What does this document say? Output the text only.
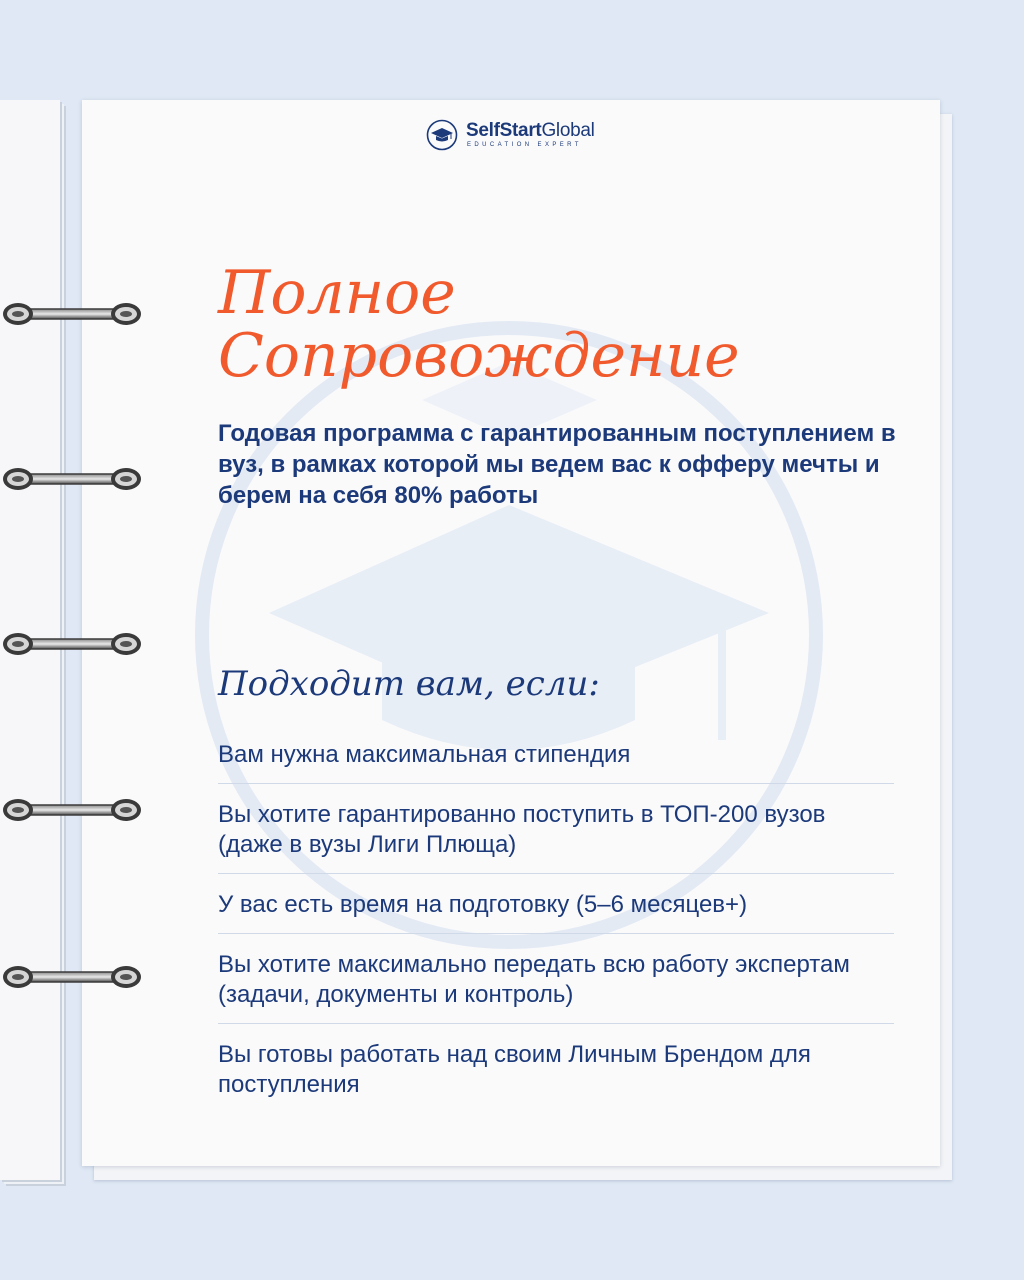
SelfStartGlobal
EDUCATION EXPERT
Полное
Сопровождение
Годовая программа с гарантированным поступлением в вуз, в рамках которой мы ведем вас к офферу мечты и берем на себя 80% работы
Подходит вам, если:
Вам нужна максимальная стипендия
Вы хотите гарантированно поступить в ТОП-200 вузов (даже в вузы Лиги Плюща)
У вас есть время на подготовку (5–6 месяцев+)
Вы хотите максимально передать всю работу экспертам (задачи, документы и контроль)
Вы готовы работать над своим Личным Брендом для поступления
